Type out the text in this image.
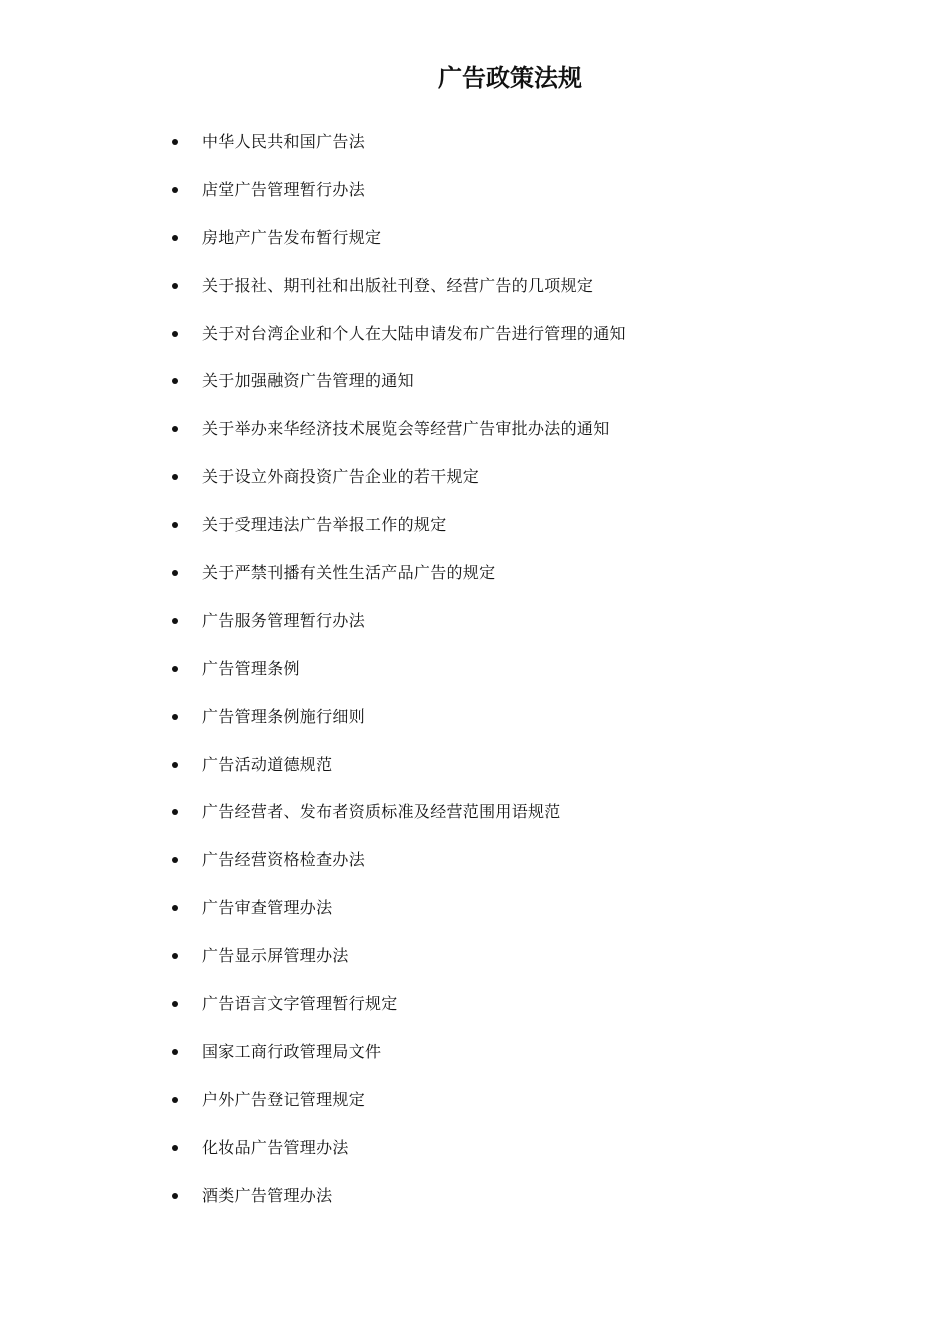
广告政策法规
中华人民共和国广告法
店堂广告管理暂行办法
房地产广告发布暂行规定
关于报社、期刊社和出版社刊登、经营广告的几项规定
关于对台湾企业和个人在大陆申请发布广告进行管理的通知
关于加强融资广告管理的通知
关于举办来华经济技术展览会等经营广告审批办法的通知
关于设立外商投资广告企业的若干规定
关于受理违法广告举报工作的规定
关于严禁刊播有关性生活产品广告的规定
广告服务管理暂行办法
广告管理条例
广告管理条例施行细则
广告活动道德规范
广告经营者、发布者资质标准及经营范围用语规范
广告经营资格检查办法
广告审查管理办法
广告显示屏管理办法
广告语言文字管理暂行规定
国家工商行政管理局文件
户外广告登记管理规定
化妆品广告管理办法
酒类广告管理办法
